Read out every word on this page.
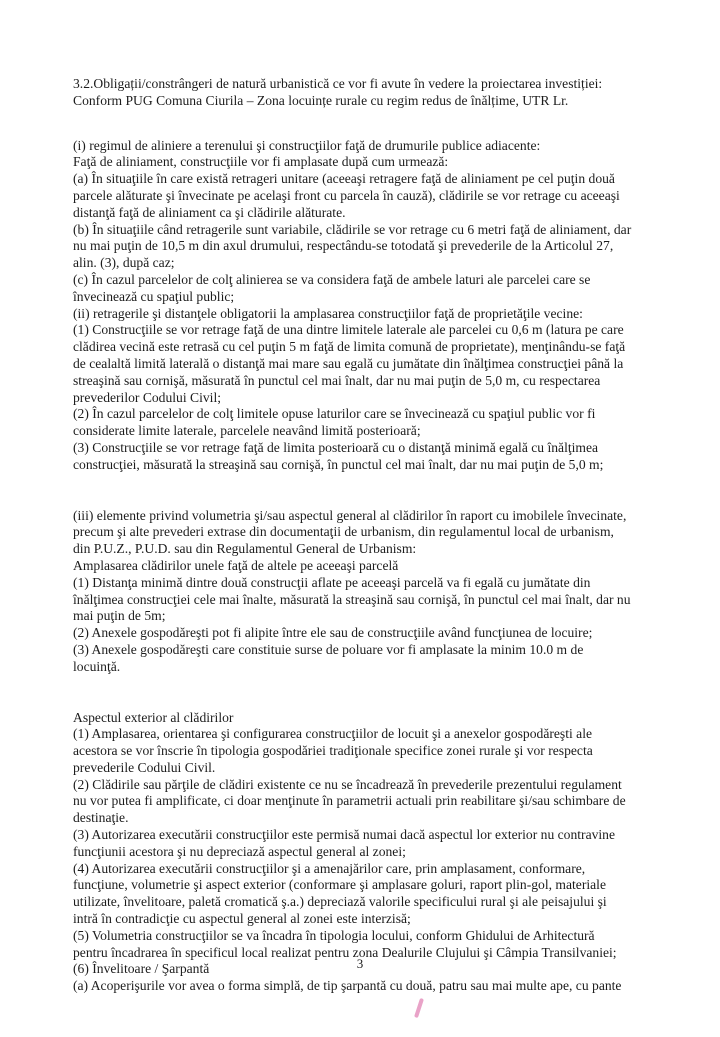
3.2.Obligații/constrângeri de natură urbanistică ce vor fi avute în vedere la proiectarea investiției:
Conform PUG Comuna Ciurila – Zona locuințe rurale cu regim redus de înălțime, UTR Lr.
(i) regimul de aliniere a terenului şi construcţiilor faţă de drumurile publice adiacente:
Faţă de aliniament, construcţiile vor fi amplasate după cum urmează:
(a) În situaţiile în care există retrageri unitare (aceeaşi retragere faţă de aliniament pe cel puţin două
parcele alăturate şi învecinate pe acelaşi front cu parcela în cauză), clădirile se vor retrage cu aceeaşi
distanţă faţă de aliniament ca şi clădirile alăturate.
(b) În situaţiile când retragerile sunt variabile, clădirile se vor retrage cu 6 metri faţă de aliniament, dar
nu mai puţin de 10,5 m din axul drumului, respectându-se totodată şi prevederile de la Articolul 27,
alin. (3), după caz;
(c) În cazul parcelelor de colţ alinierea se va considera faţă de ambele laturi ale parcelei care se
învecinează cu spaţiul public;
(ii) retragerile şi distanţele obligatorii la amplasarea construcţiilor faţă de proprietăţile vecine:
(1) Construcţiile se vor retrage faţă de una dintre limitele laterale ale parcelei cu 0,6 m (latura pe care
clădirea vecină este retrasă cu cel puţin 5 m faţă de limita comună de proprietate), menţinându-se faţă
de cealaltă limită laterală o distanţă mai mare sau egală cu jumătate din înălţimea construcţiei până la
streaşină sau cornişă, măsurată în punctul cel mai înalt, dar nu mai puţin de 5,0 m, cu respectarea
prevederilor Codului Civil;
(2) În cazul parcelelor de colţ limitele opuse laturilor care se învecinează cu spaţiul public vor fi
considerate limite laterale, parcelele neavând limită posterioară;
(3) Construcţiile se vor retrage faţă de limita posterioară cu o distanţă minimă egală cu înălţimea
construcţiei, măsurată la streaşină sau cornişă, în punctul cel mai înalt, dar nu mai puţin de 5,0 m;
(iii) elemente privind volumetria şi/sau aspectul general al clădirilor în raport cu imobilele învecinate,
precum şi alte prevederi extrase din documentaţii de urbanism, din regulamentul local de urbanism,
din P.U.Z., P.U.D. sau din Regulamentul General de Urbanism:
Amplasarea clădirilor unele faţă de altele pe aceeaşi parcelă
(1) Distanţa minimă dintre două construcţii aflate pe aceeaşi parcelă va fi egală cu jumătate din
înălţimea construcţiei cele mai înalte, măsurată la streaşină sau cornişă, în punctul cel mai înalt, dar nu
mai puţin de 5m;
(2) Anexele gospodăreşti pot fi alipite între ele sau de construcţiile având funcţiunea de locuire;
(3) Anexele gospodăreşti care constituie surse de poluare vor fi amplasate la minim 10.0 m de
locuinţă.
Aspectul exterior al clădirilor
(1) Amplasarea, orientarea şi configurarea construcţiilor de locuit şi a anexelor gospodăreşti ale
acestora se vor înscrie în tipologia gospodăriei tradiţionale specifice zonei rurale şi vor respecta
prevederile Codului Civil.
(2) Clădirile sau părţile de clădiri existente ce nu se încadrează în prevederile prezentului regulament
nu vor putea fi amplificate, ci doar menţinute în parametrii actuali prin reabilitare şi/sau schimbare de
destinaţie.
(3) Autorizarea executării construcţiilor este permisă numai dacă aspectul lor exterior nu contravine
funcţiunii acestora şi nu depreciază aspectul general al zonei;
(4) Autorizarea executării construcţiilor şi a amenajărilor care, prin amplasament, conformare,
funcţiune, volumetrie şi aspect exterior (conformare şi amplasare goluri, raport plin-gol, materiale
utilizate, învelitoare, paletă cromatică ş.a.) depreciază valorile specificului rural şi ale peisajului şi
intră în contradicţie cu aspectul general al zonei este interzisă;
(5) Volumetria construcţiilor se va încadra în tipologia locului, conform Ghidului de Arhitectură
pentru încadrarea în specificul local realizat pentru zona Dealurile Clujului şi Câmpia Transilvaniei;
(6) Învelitoare / Şarpantă
(a) Acoperişurile vor avea o forma simplă, de tip şarpantă cu două, patru sau mai multe ape, cu pante
3
